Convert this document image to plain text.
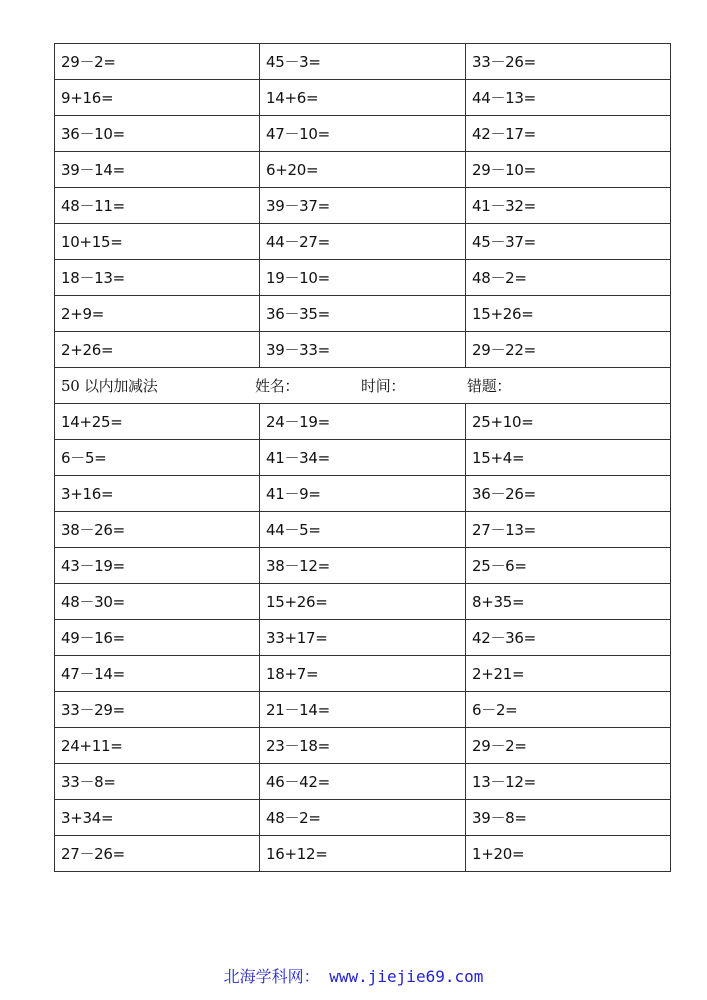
29－2=	45－3=	33－26=
9+16=	14+6=	44－13=
36－10=	47－10=	42－17=
39－14=	6+20=	29－10=
48－11=	39－37=	41－32=
10+15=	44－27=	45－37=
18－13=	19－10=	48－2=
2+9=	36－35=	15+26=
2+26=	39－33=	29－22=

50 以内加减法 姓名： 时间： 错题：		

14+25=	24－19=	25+10=
6－5=	41－34=	15+4=
3+16=	41－9=	36－26=
38－26=	44－5=	27－13=
43－19=	38－12=	25－6=
48－30=	15+26=	8+35=
49－16=	33+17=	42－36=
47－14=	18+7=	2+21=
33－29=	21－14=	6－2=
24+11=	23－18=	29－2=
33－8=	46－42=	13－12=
3+34=	48－2=	39－8=
27－26=	16+12=	1+20=
北海学科网： www.jiejie69.com
